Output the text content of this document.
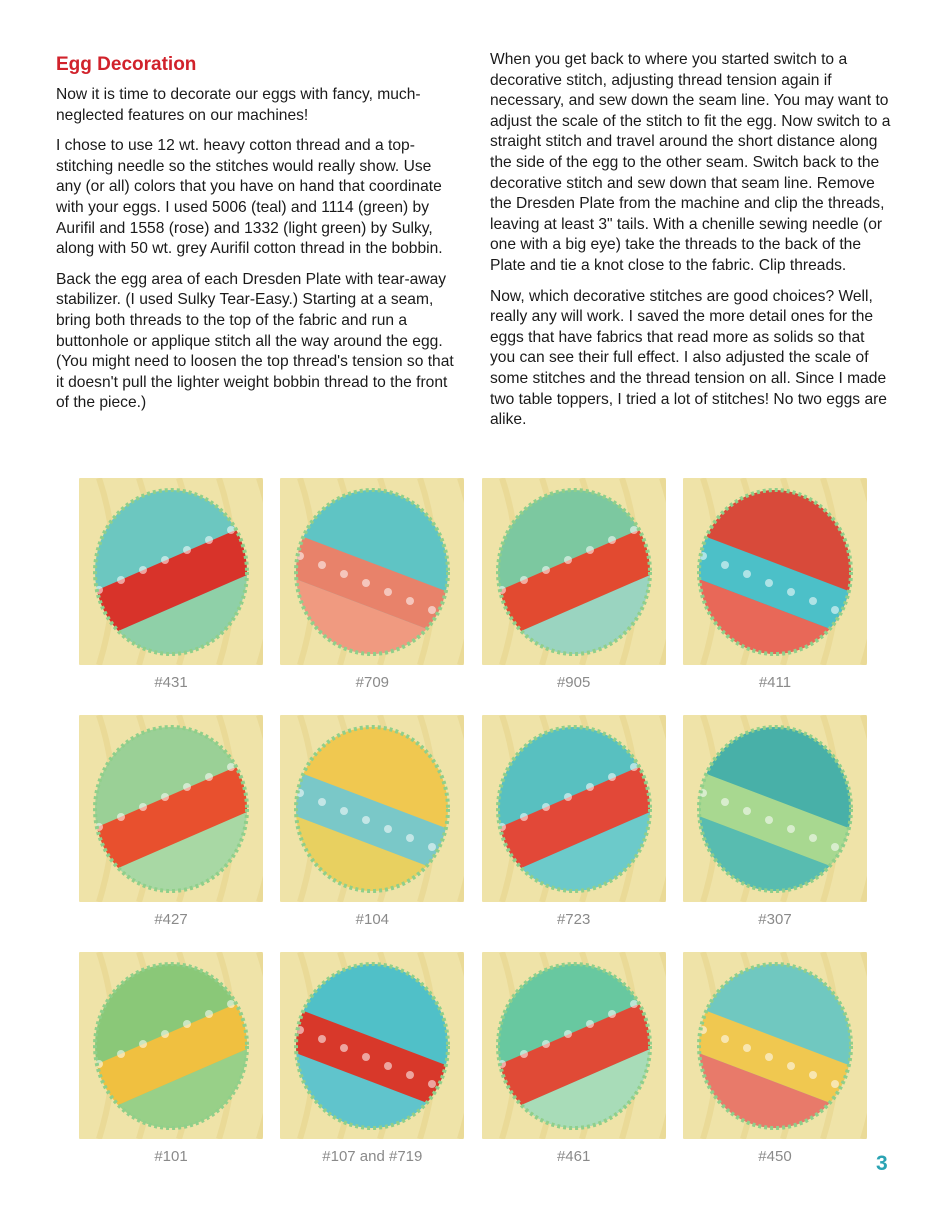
Egg Decoration

Now it is time to decorate our eggs with fancy, much-neglected features on our machines!

I chose to use 12 wt. heavy cotton thread and a top-stitching needle so the stitches would really show. Use any (or all) colors that you have on hand that coordinate with your eggs. I used 5006 (teal) and 1114 (green) by Aurifil and 1558 (rose) and 1332 (light green) by Sulky, along with 50 wt. grey Aurifil cotton thread in the bobbin.

Back the egg area of each Dresden Plate with tear-away stabilizer. (I used Sulky Tear-Easy.) Starting at a seam, bring both threads to the top of the fabric and run a buttonhole or applique stitch all the way around the egg. (You might need to loosen the top thread's tension so that it doesn't pull the lighter weight bobbin thread to the front of the piece.)

When you get back to where you started switch to a decorative stitch, adjusting thread tension again if necessary, and sew down the seam line. You may want to adjust the scale of the stitch to fit the egg. Now switch to a straight stitch and travel around the short distance along the side of the egg to the other seam. Switch back to the decorative stitch and sew down that seam line. Remove the Dresden Plate from the machine and clip the threads, leaving at least 3" tails. With a chenille sewing needle (or one with a big eye) take the threads to the back of the Plate and tie a knot close to the fabric. Clip threads.

Now, which decorative stitches are good choices? Well, really any will work. I saved the more detail ones for the eggs that have fabrics that read more as solids so that you can see their full effect. I also adjusted the scale of some stitches and the thread tension on all. Since I made two table toppers, I tried a lot of stitches! No two eggs are alike.

#431	#709	#905	#411
#427	#104	#723	#307
#101	#107 and #719	#461	#450	3
